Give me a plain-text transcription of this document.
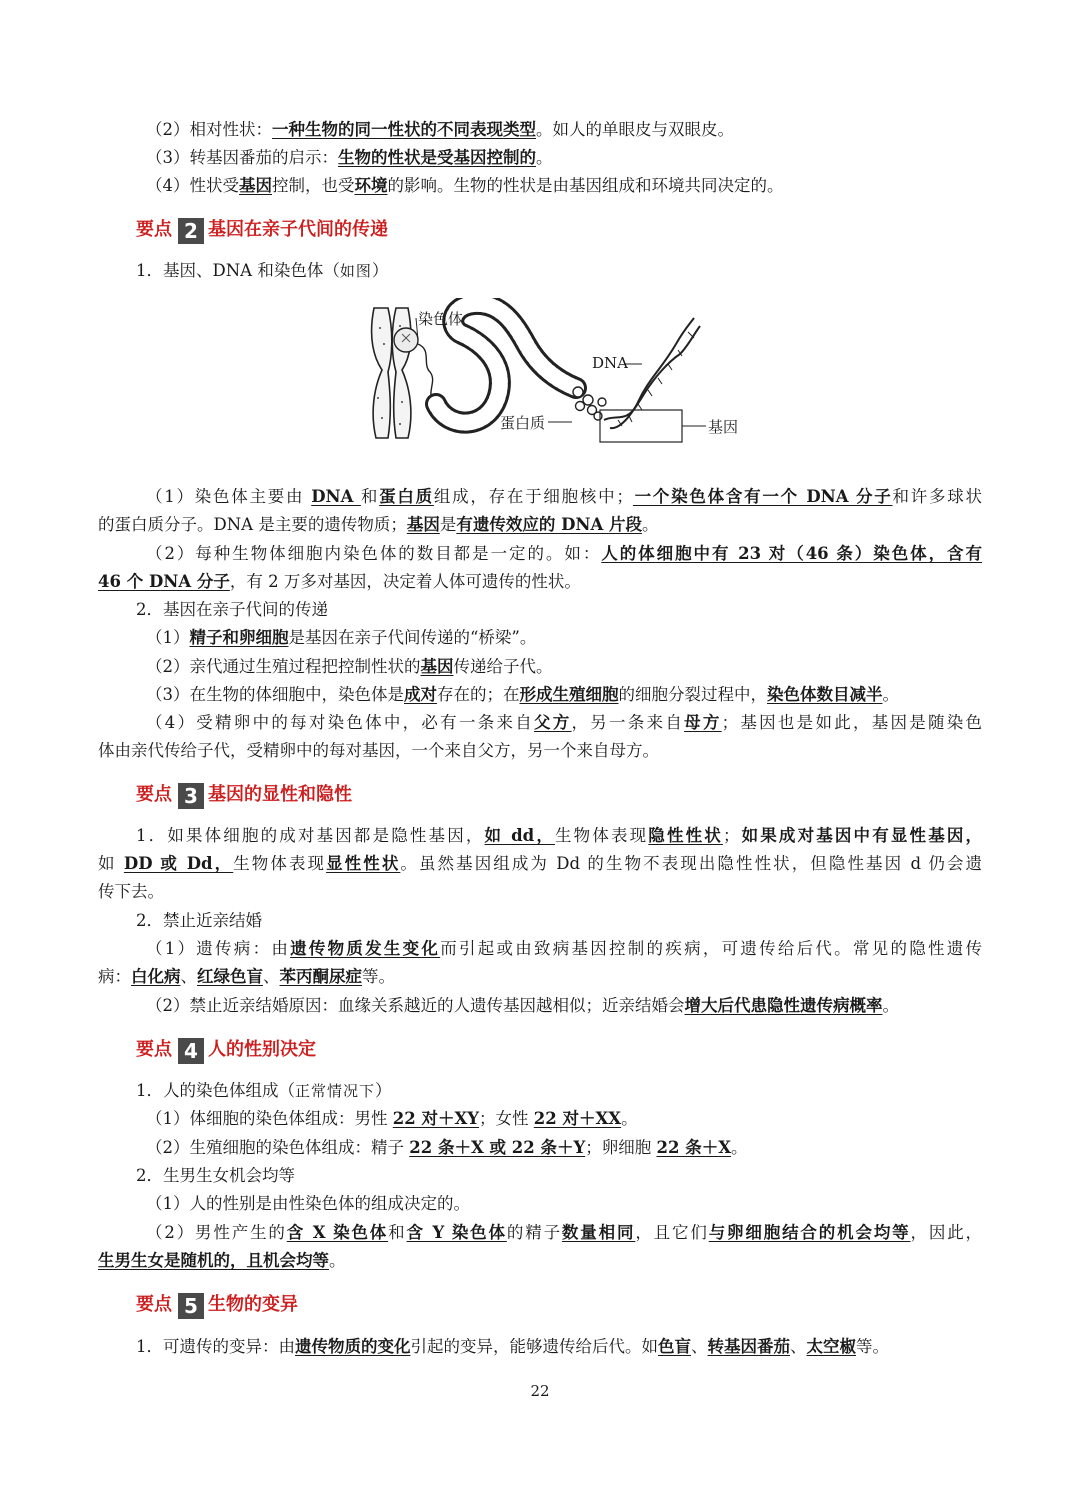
（2）相对性状：一种生物的同一性状的不同表现类型。如人的单眼皮与双眼皮。
（3）转基因番茄的启示：生物的性状是受基因控制的。
（4）性状受基因控制，也受环境的影响。生物的性状是由基因组成和环境共同决定的。
要点 2 基因在亲子代间的传递
1．基因、DNA 和染色体（如图）
染色体
DNA
蛋白质	基因
（1）染色体主要由 DNA 和蛋白质组成，存在于细胞核中；一个染色体含有一个 DNA 分子和许多球状
的蛋白质分子。DNA 是主要的遗传物质；基因是有遗传效应的 DNA 片段。
（2）每种生物体细胞内染色体的数目都是一定的。如：人的体细胞中有 23 对（46 条）染色体，含有
46 个 DNA 分子，有 2 万多对基因，决定着人体可遗传的性状。
2．基因在亲子代间的传递
（1）精子和卵细胞是基因在亲子代间传递的“桥梁”。
（2）亲代通过生殖过程把控制性状的基因传递给子代。
（3）在生物的体细胞中，染色体是成对存在的；在形成生殖细胞的细胞分裂过程中，染色体数目减半。
（4）受精卵中的每对染色体中，必有一条来自父方，另一条来自母方；基因也是如此，基因是随染色
体由亲代传给子代，受精卵中的每对基因，一个来自父方，另一个来自母方。
要点 3 基因的显性和隐性
1．如果体细胞的成对基因都是隐性基因，如 dd，生物体表现隐性性状；如果成对基因中有显性基因，
如 DD 或 Dd，生物体表现显性性状。虽然基因组成为 Dd 的生物不表现出隐性性状，但隐性基因 d 仍会遗
传下去。
2．禁止近亲结婚
（1）遗传病：由遗传物质发生变化而引起或由致病基因控制的疾病，可遗传给后代。常见的隐性遗传
病：白化病、红绿色盲、苯丙酮尿症等。
（2）禁止近亲结婚原因：血缘关系越近的人遗传基因越相似；近亲结婚会增大后代患隐性遗传病概率。
要点 4 人的性别决定
1．人的染色体组成（正常情况下）
（1）体细胞的染色体组成：男性 22 对＋XY；女性 22 对＋XX。
（2）生殖细胞的染色体组成：精子 22 条＋X 或 22 条＋Y；卵细胞 22 条＋X。
2．生男生女机会均等
（1）人的性别是由性染色体的组成决定的。
（2）男性产生的含 X 染色体和含 Y 染色体的精子数量相同，且它们与卵细胞结合的机会均等，因此，
生男生女是随机的，且机会均等。
要点 5 生物的变异
1．可遗传的变异：由遗传物质的变化引起的变异，能够遗传给后代。如色盲、转基因番茄、太空椒等。
22
